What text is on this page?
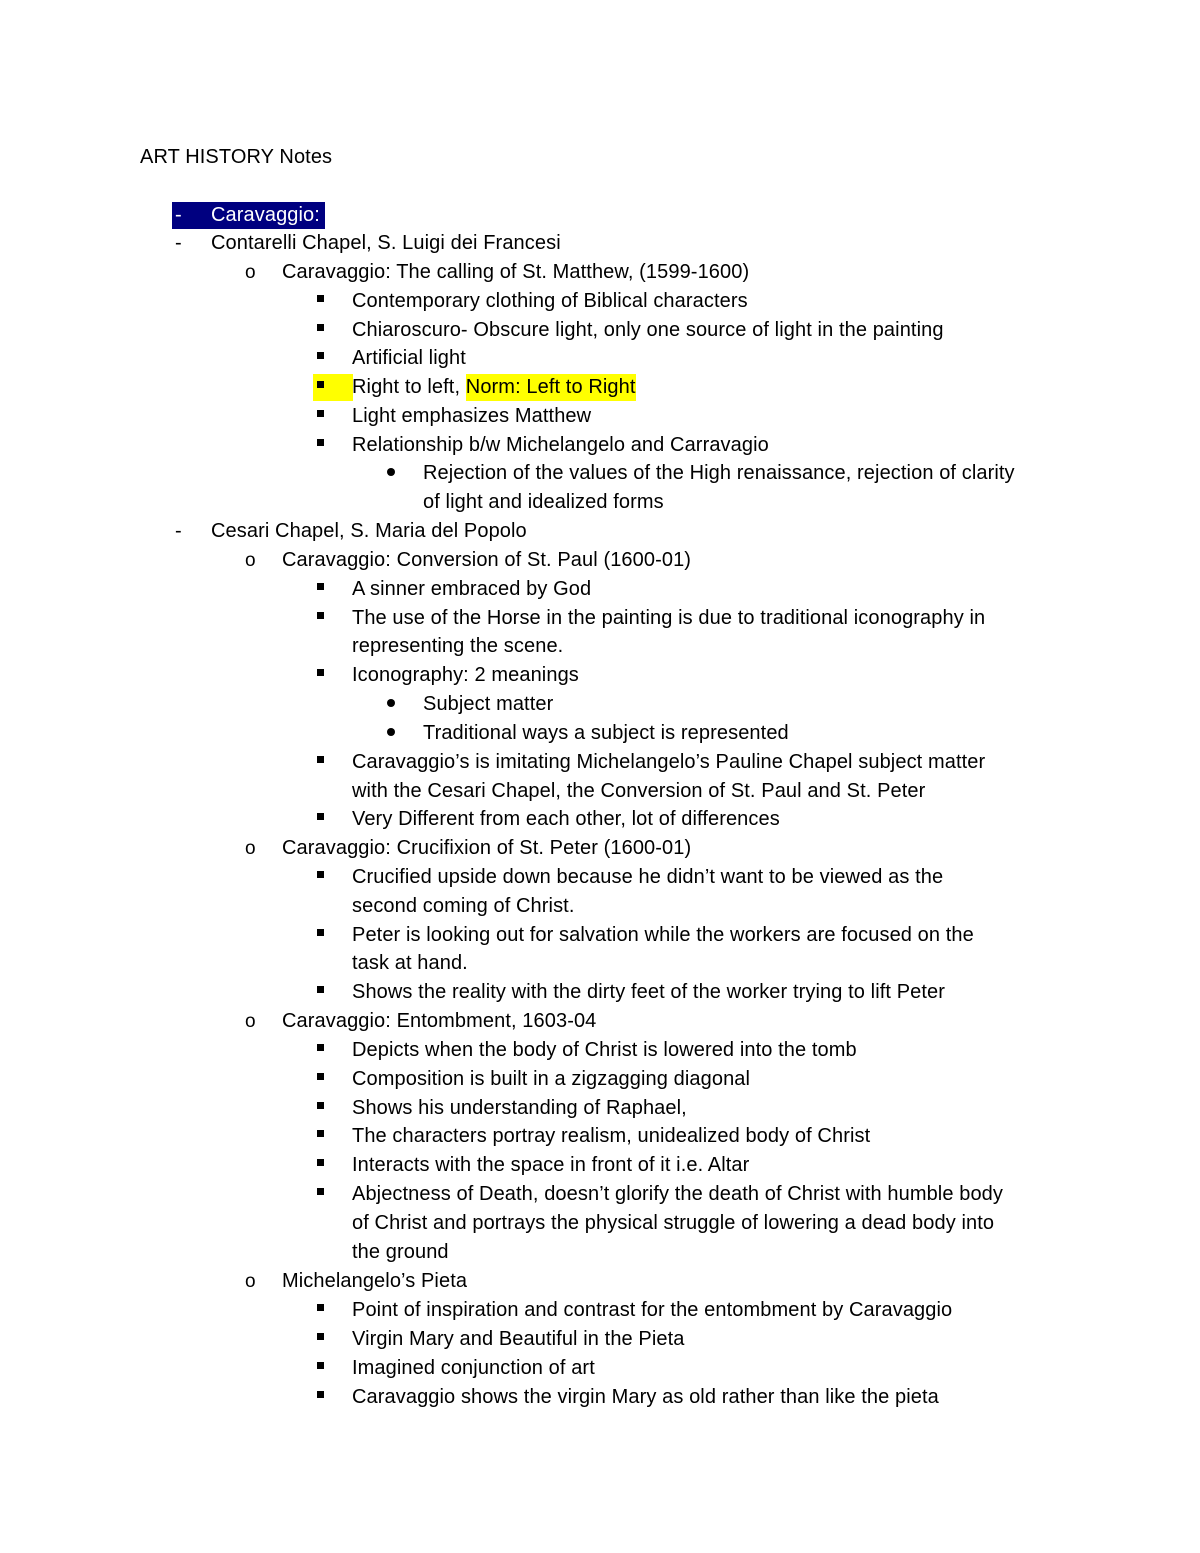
ART HISTORY Notes
- Caravaggio:
- Contarelli Chapel, S. Luigi dei Francesi
o Caravaggio: The calling of St. Matthew, (1599-1600)
Contemporary clothing of Biblical characters
Chiaroscuro- Obscure light, only one source of light in the painting
Artificial light
Right to left, Norm: Left to Right
Light emphasizes Matthew
Relationship b/w Michelangelo and Carravagio
Rejection of the values of the High renaissance, rejection of clarity
of light and idealized forms
- Cesari Chapel, S. Maria del Popolo
o Caravaggio: Conversion of St. Paul (1600-01)
A sinner embraced by God
The use of the Horse in the painting is due to traditional iconography in
representing the scene.
Iconography: 2 meanings
Subject matter
Traditional ways a subject is represented
Caravaggio’s is imitating Michelangelo’s Pauline Chapel subject matter
with the Cesari Chapel, the Conversion of St. Paul and St. Peter
Very Different from each other, lot of differences
o Caravaggio: Crucifixion of St. Peter (1600-01)
Crucified upside down because he didn’t want to be viewed as the
second coming of Christ.
Peter is looking out for salvation while the workers are focused on the
task at hand.
Shows the reality with the dirty feet of the worker trying to lift Peter
o Caravaggio: Entombment, 1603-04
Depicts when the body of Christ is lowered into the tomb
Composition is built in a zigzagging diagonal
Shows his understanding of Raphael,
The characters portray realism, unidealized body of Christ
Interacts with the space in front of it i.e. Altar
Abjectness of Death, doesn’t glorify the death of Christ with humble body
of Christ and portrays the physical struggle of lowering a dead body into
the ground
o Michelangelo’s Pieta
Point of inspiration and contrast for the entombment by Caravaggio
Virgin Mary and Beautiful in the Pieta
Imagined conjunction of art
Caravaggio shows the virgin Mary as old rather than like the pieta
